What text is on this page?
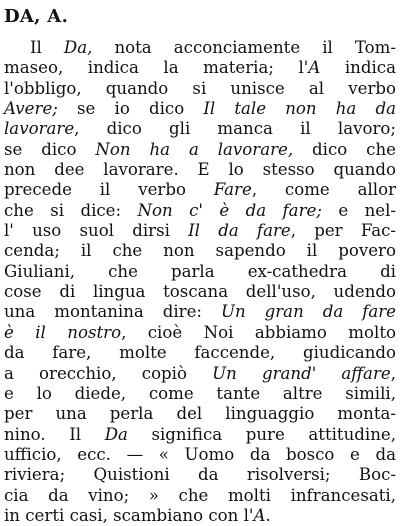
DA, A.
Il Da, nota acconciamente il Tom-
maseo, indica la materia; l'A indica
l'obbligo, quando si unisce al verbo
Avere; se io dico Il tale non ha da
lavorare, dico gli manca il lavoro;
se dico Non ha a lavorare, dico che
non dee lavorare. E lo stesso quando
precede il verbo Fare, come allor
che si dice: Non c' è da fare; e nel-
l' uso suol dirsi Il da fare, per Fac-
cenda; il che non sapendo il povero
Giuliani, che parla ex-cathedra di
cose di lingua toscana dell'uso, udendo
una montanina dire: Un gran da fare
è il nostro, cioè Noi abbiamo molto
da fare, molte faccende, giudicando
a orecchio, copiò Un grand' affare,
e lo diede, come tante altre simili,
per una perla del linguaggio monta-
nino. Il Da significa pure attitudine,
ufficio, ecc. — « Uomo da bosco e da
riviera; Quistioni da risolversi; Boc-
cia da vino; » che molti infrancesati,
in certi casi, scambiano con l'A.
